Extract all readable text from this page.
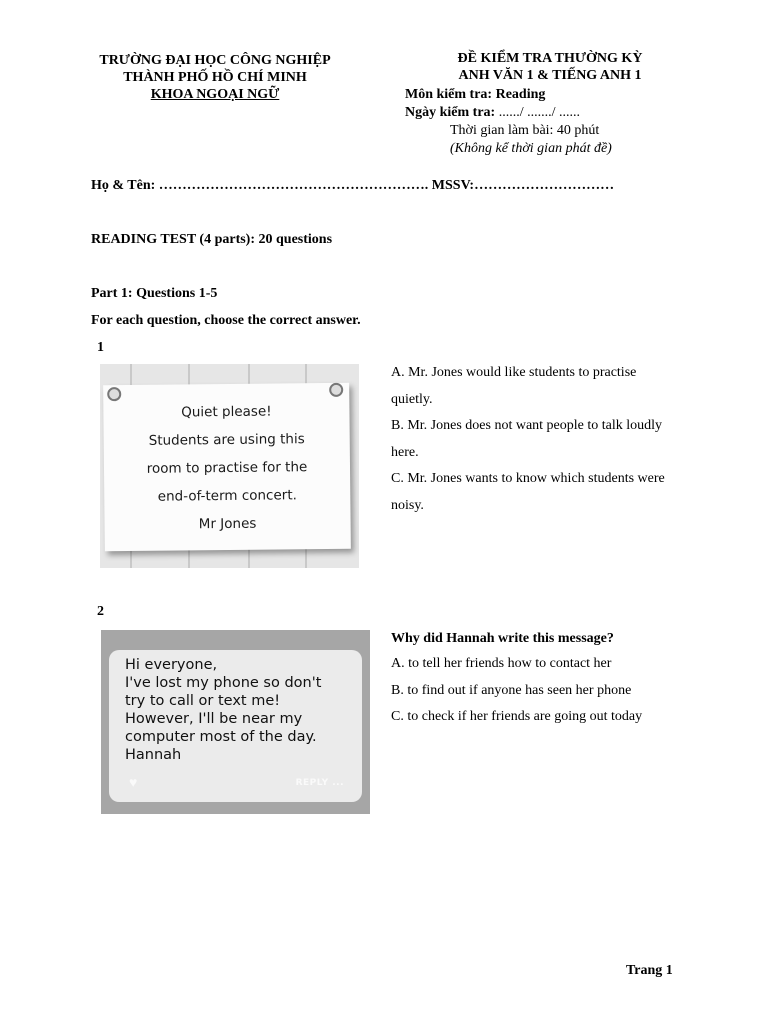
TRƯỜNG ĐẠI HỌC CÔNG NGHIỆP
THÀNH PHỐ HỒ CHÍ MINH
KHOA NGOẠI NGỮ
ĐỀ KIỂM TRA THƯỜNG KỲ
ANH VĂN 1 & TIẾNG ANH 1
Môn kiểm tra: Reading
Ngày kiểm tra: ....../ ......./ ......
Thời gian làm bài: 40 phút
(Không kể thời gian phát đề)
Họ & Tên: …………………………………………………. MSSV:…………………………
READING TEST (4 parts): 20 questions
Part 1: Questions 1-5
For each question, choose the correct answer.
1
Quiet please!
Students are using this
room to practise for the
end-of-term concert.
Mr Jones
A. Mr. Jones would like students to practise
quietly.
B. Mr. Jones does not want people to talk loudly
here.
C. Mr. Jones wants to know which students were
noisy.
2
Hi everyone,
I've lost my phone so don't
try to call or text me!
However, I'll be near my
computer most of the day.
Hannah
♥	REPLY ...
Why did Hannah write this message?
A. to tell her friends how to contact her
B. to find out if anyone has seen her phone
C. to check if her friends are going out today
Trang 1
